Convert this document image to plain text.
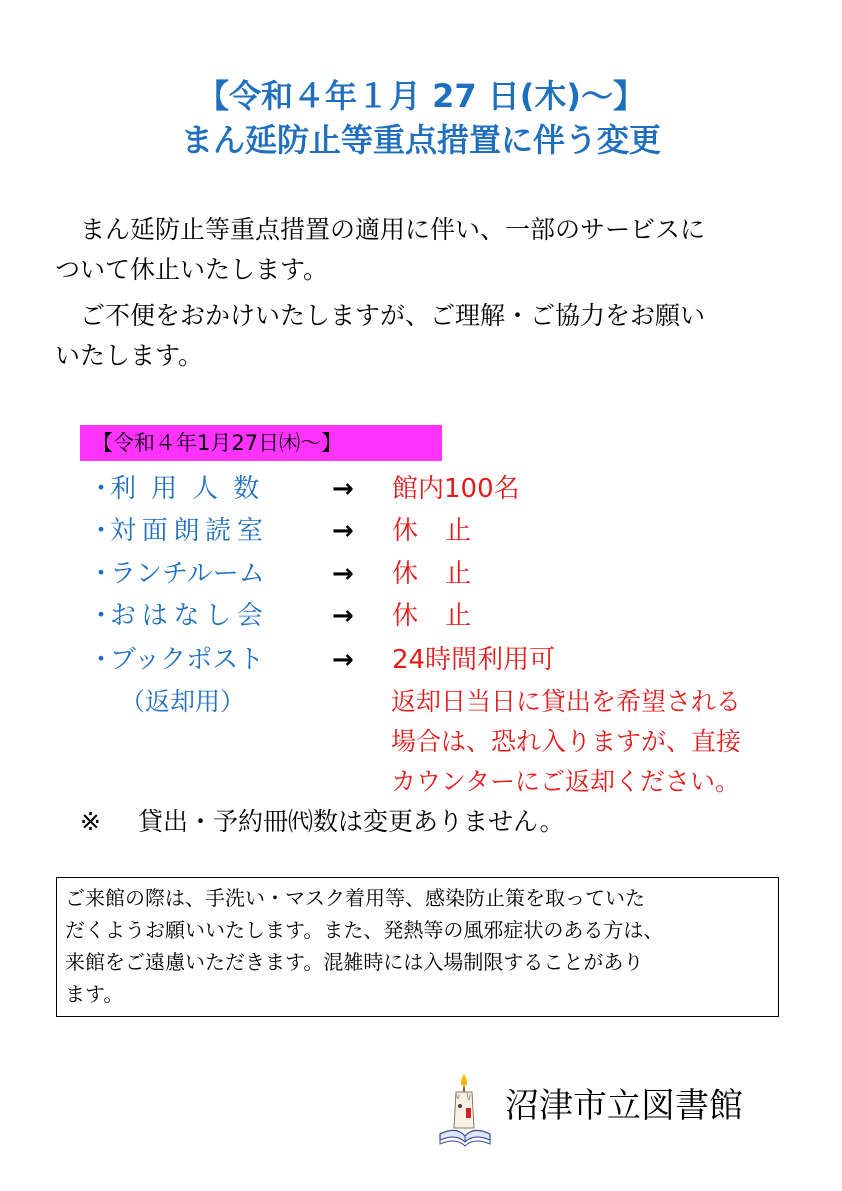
【令和４年１月 27 日(木)～】
まん延防止等重点措置に伴う変更
　まん延防止等重点措置の適用に伴い、一部のサービスに
ついて休止いたします。
　ご不便をおかけいたしますが、ご理解・ご協力をお願い
いたします。
【令和４年1月27日㈭～】
・
利用人数 → 館内100名
・
対面朗読室 → 休止
・
ランチルーム	→ 休止
・
おはなし会 → 休止
・
ブックポスト	→ 24時間利用可
（返却用）	返却日当日に貸出を希望される
場合は、恐れ入りますが、直接
カウンターにご返却ください。
※ 貸出・予約冊㈹数は変更ありません。
ご来館の際は、手洗い・マスク着用等、感染防止策を取っていた
だくようお願いいたします。また、発熱等の風邪症状のある方は、
来館をご遠慮いただきます。混雑時には入場制限することがあり
ます。
沼津市立図書館
